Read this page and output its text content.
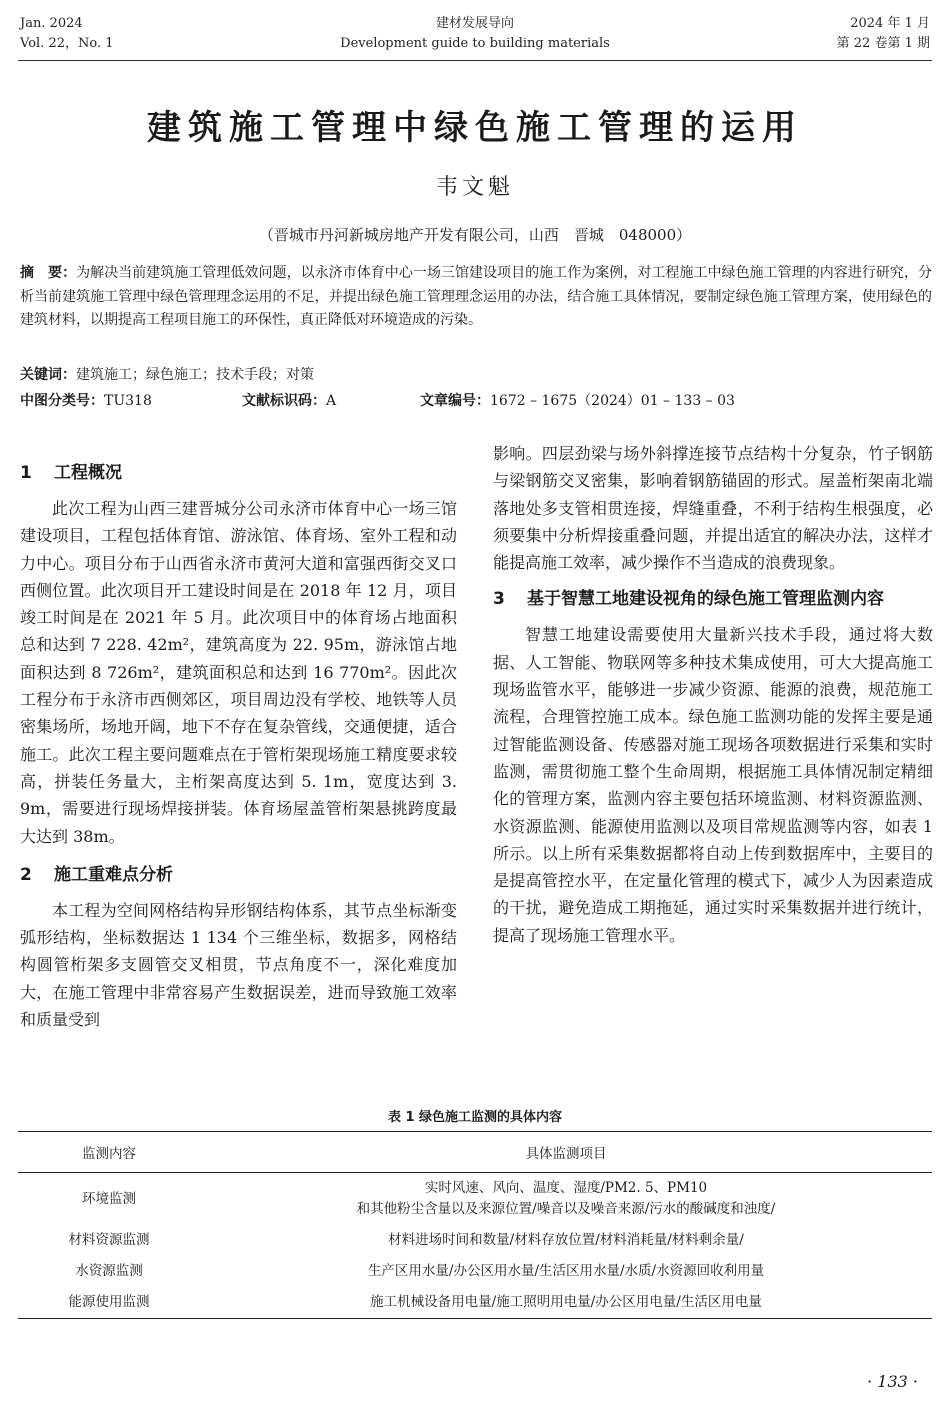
Jan. 2024
Vol. 22，No. 1
建材发展导向
Development guide to building materials
2024 年 1 月
第 22 卷第 1 期
建筑施工管理中绿色施工管理的运用
韦文魁
（晋城市丹河新城房地产开发有限公司，山西　晋城　048000）
摘　要：为解决当前建筑施工管理低效问题，以永济市体育中心一场三馆建设项目的施工作为案例，对工程施工中绿色施工管理的内容进行研究，分析当前建筑施工管理中绿色管理理念运用的不足，并提出绿色施工管理理念运用的办法，结合施工具体情况，要制定绿色施工管理方案，使用绿色的建筑材料，以期提高工程项目施工的环保性，真正降低对环境造成的污染。
关键词：建筑施工；绿色施工；技术手段；对策
中图分类号：TU318	文献标识码：A	文章编号：1672 – 1675（2024）01 – 133 – 03
1 工程概况

此次工程为山西三建晋城分公司永济市体育中心一场三馆建设项目，工程包括体育馆、游泳馆、体育场、室外工程和动力中心。项目分布于山西省永济市黄河大道和富强西街交叉口西侧位置。此次项目开工建设时间是在 2018 年 12 月，项目竣工时间是在 2021 年 5 月。此次项目中的体育场占地面积总和达到 7 228. 42m²，建筑高度为 22. 95m，游泳馆占地面积达到 8 726m²，建筑面积总和达到 16 770m²。因此次工程分布于永济市西侧郊区，项目周边没有学校、地铁等人员密集场所，场地开阔，地下不存在复杂管线，交通便捷，适合施工。此次工程主要问题难点在于管桁架现场施工精度要求较高，拼装任务量大，主桁架高度达到 5. 1m，宽度达到 3. 9m，需要进行现场焊接拼装。体育场屋盖管桁架悬挑跨度最大达到 38m。

2 施工重难点分析

本工程为空间网格结构异形钢结构体系，其节点坐标渐变弧形结构，坐标数据达 1 134 个三维坐标，数据多，网格结构圆管桁架多支圆管交叉相贯，节点角度不一，深化难度加大，在施工管理中非常容易产生数据误差，进而导致施工效率和质量受到

影响。四层劲梁与场外斜撑连接节点结构十分复杂，竹子钢筋与梁钢筋交叉密集，影响着钢筋锚固的形式。屋盖桁架南北端落地处多支管相贯连接，焊缝重叠，不利于结构生根强度，必须要集中分析焊接重叠问题，并提出适宜的解决办法，这样才能提高施工效率，减少操作不当造成的浪费现象。

3 基于智慧工地建设视角的绿色施工管理监测内容

智慧工地建设需要使用大量新兴技术手段，通过将大数据、人工智能、物联网等多种技术集成使用，可大大提高施工现场监管水平，能够进一步减少资源、能源的浪费，规范施工流程，合理管控施工成本。绿色施工监测功能的发挥主要是通过智能监测设备、传感器对施工现场各项数据进行采集和实时监测，需贯彻施工整个生命周期，根据施工具体情况制定精细化的管理方案，监测内容主要包括环境监测、材料资源监测、水资源监测、能源使用监测以及项目常规监测等内容，如表 1 所示。以上所有采集数据都将自动上传到数据库中，主要目的是提高管控水平，在定量化管理的模式下，减少人为因素造成的干扰，避免造成工期拖延，通过实时采集数据并进行统计，提高了现场施工管理水平。

表 1 绿色施工监测的具体内容
监测内容	具体监测项目
环境监测	实时风速、风向、温度、湿度/PM2. 5、PM10
和其他粉尘含量以及来源位置/噪音以及噪音来源/污水的酸碱度和浊度/

材料资源监测	材料进场时间和数量/材料存放位置/材料消耗量/材料剩余量/
水资源监测	生产区用水量/办公区用水量/生活区用水量/水质/水资源回收利用量
能源使用监测	施工机械设备用电量/施工照明用电量/办公区用电量/生活区用电量
· 133 ·
